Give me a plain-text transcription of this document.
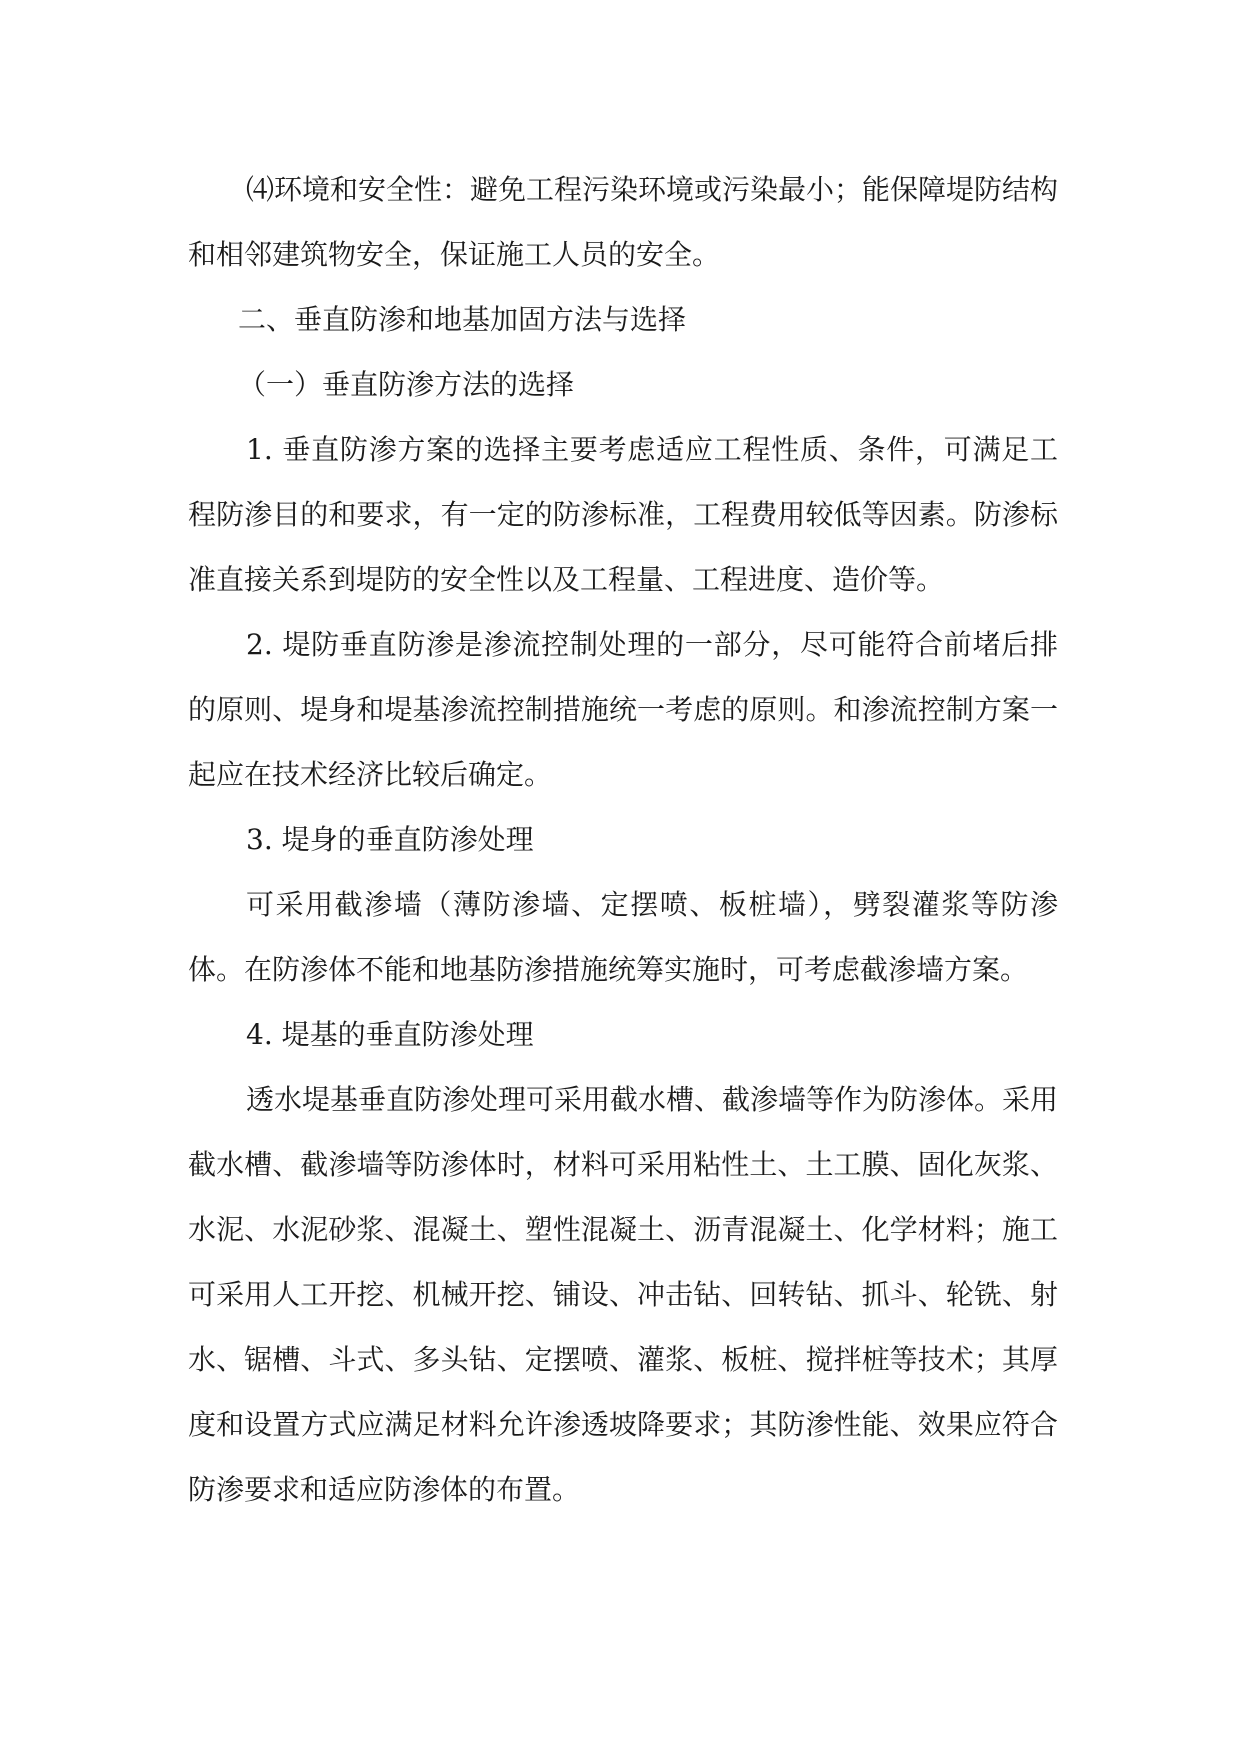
⑷环境和安全性：避免工程污染环境或污染最小；能保障堤防结构和相邻建筑物安全，保证施工人员的安全。

二、垂直防渗和地基加固方法与选择

（一）垂直防渗方法的选择

1. 垂直防渗方案的选择主要考虑适应工程性质、条件，可满足工程防渗目的和要求，有一定的防渗标准，工程费用较低等因素。防渗标准直接关系到堤防的安全性以及工程量、工程进度、造价等。

2. 堤防垂直防渗是渗流控制处理的一部分，尽可能符合前堵后排的原则、堤身和堤基渗流控制措施统一考虑的原则。和渗流控制方案一起应在技术经济比较后确定。

3. 堤身的垂直防渗处理

可采用截渗墙（薄防渗墙、定摆喷、板桩墙），劈裂灌浆等防渗体。在防渗体不能和地基防渗措施统筹实施时，可考虑截渗墙方案。

4. 堤基的垂直防渗处理

透水堤基垂直防渗处理可采用截水槽、截渗墙等作为防渗体。采用截水槽、截渗墙等防渗体时，材料可采用粘性土、土工膜、固化灰浆、水泥、水泥砂浆、混凝土、塑性混凝土、沥青混凝土、化学材料；施工可采用人工开挖、机械开挖、铺设、冲击钻、回转钻、抓斗、轮铣、射水、锯槽、斗式、多头钻、定摆喷、灌浆、板桩、搅拌桩等技术；其厚度和设置方式应满足材料允许渗透坡降要求；其防渗性能、效果应符合防渗要求和适应防渗体的布置。
